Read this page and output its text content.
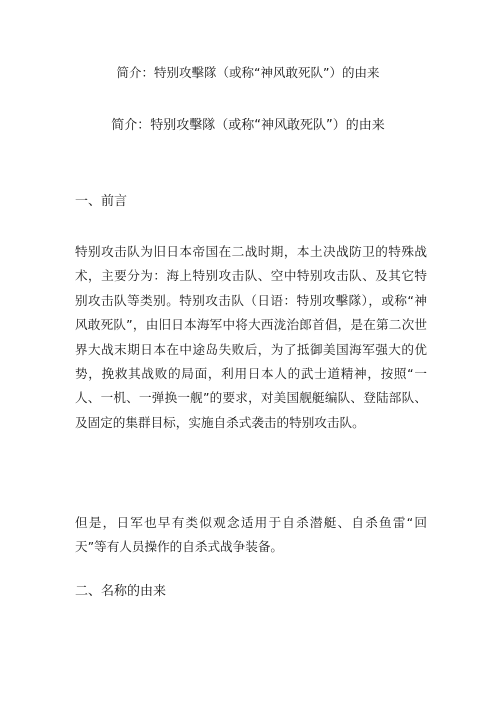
简介：特别攻擊隊（或称“神风敢死队”）的由来
简介：特别攻擊隊（或称“神风敢死队”）的由来
一、前言

特别攻击队为旧日本帝国在二战时期，本土决战防卫的特殊战术，主要分为：海上特别攻击队、空中特别攻击队、及其它特别攻击队等类别。特别攻击队（日语：特別攻擊隊），或称“神风敢死队”，由旧日本海军中将大西泷治郎首倡，是在第二次世界大战末期日本在中途岛失败后，为了抵御美国海军强大的优势，挽救其战败的局面，利用日本人的武士道精神，按照“一人、一机、一弹换一舰”的要求，对美国舰艇编队、登陆部队、及固定的集群目标，实施自杀式袭击的特别攻击队。

但是，日军也早有类似观念适用于自杀潜艇、自杀鱼雷“回天”等有人员操作的自杀式战争装备。

二、名称的由来
